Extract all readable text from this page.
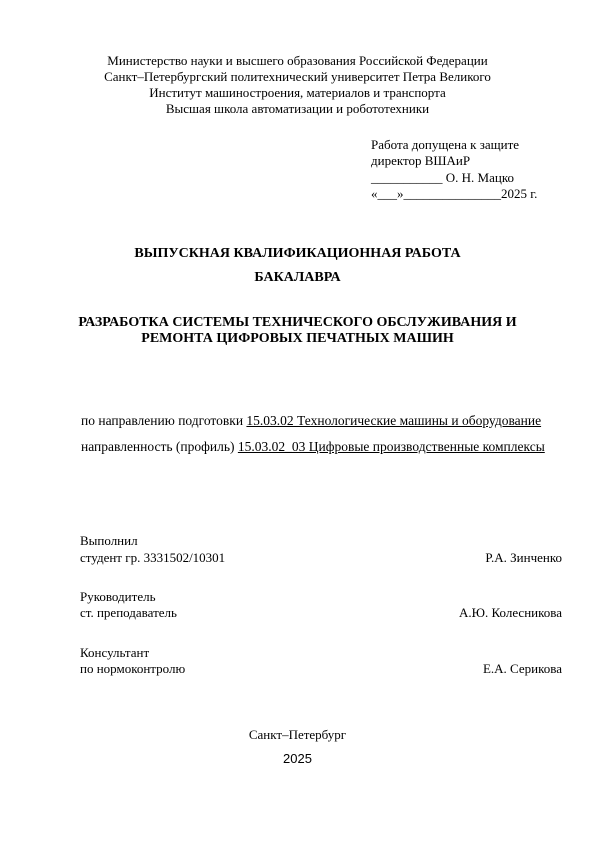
Министерство науки и высшего образования Российской Федерации
Санкт–Петербургский политехнический университет Петра Великого
Институт машиностроения, материалов и транспорта
Высшая школа автоматизации и робототехники
Работа допущена к защите
директор ВШАиР
___________ О. Н. Мацко
«___»_______________2025 г.
ВЫПУСКНАЯ КВАЛИФИКАЦИОННАЯ РАБОТА
БАКАЛАВРА
РАЗРАБОТКА СИСТЕМЫ ТЕХНИЧЕСКОГО ОБСЛУЖИВАНИЯ И
РЕМОНТА ЦИФРОВЫХ ПЕЧАТНЫХ МАШИН
по направлению подготовки 15.03.02 Технологические машины и оборудование
направленность (профиль) 15.03.02_03 Цифровые производственные комплексы
Выполнил
студент гр. 3331502/10301	Р.А. Зинченко
Руководитель
ст. преподаватель	А.Ю. Колесникова
Консультант
по нормоконтролю	Е.А. Серикова
Санкт–Петербург
2025
